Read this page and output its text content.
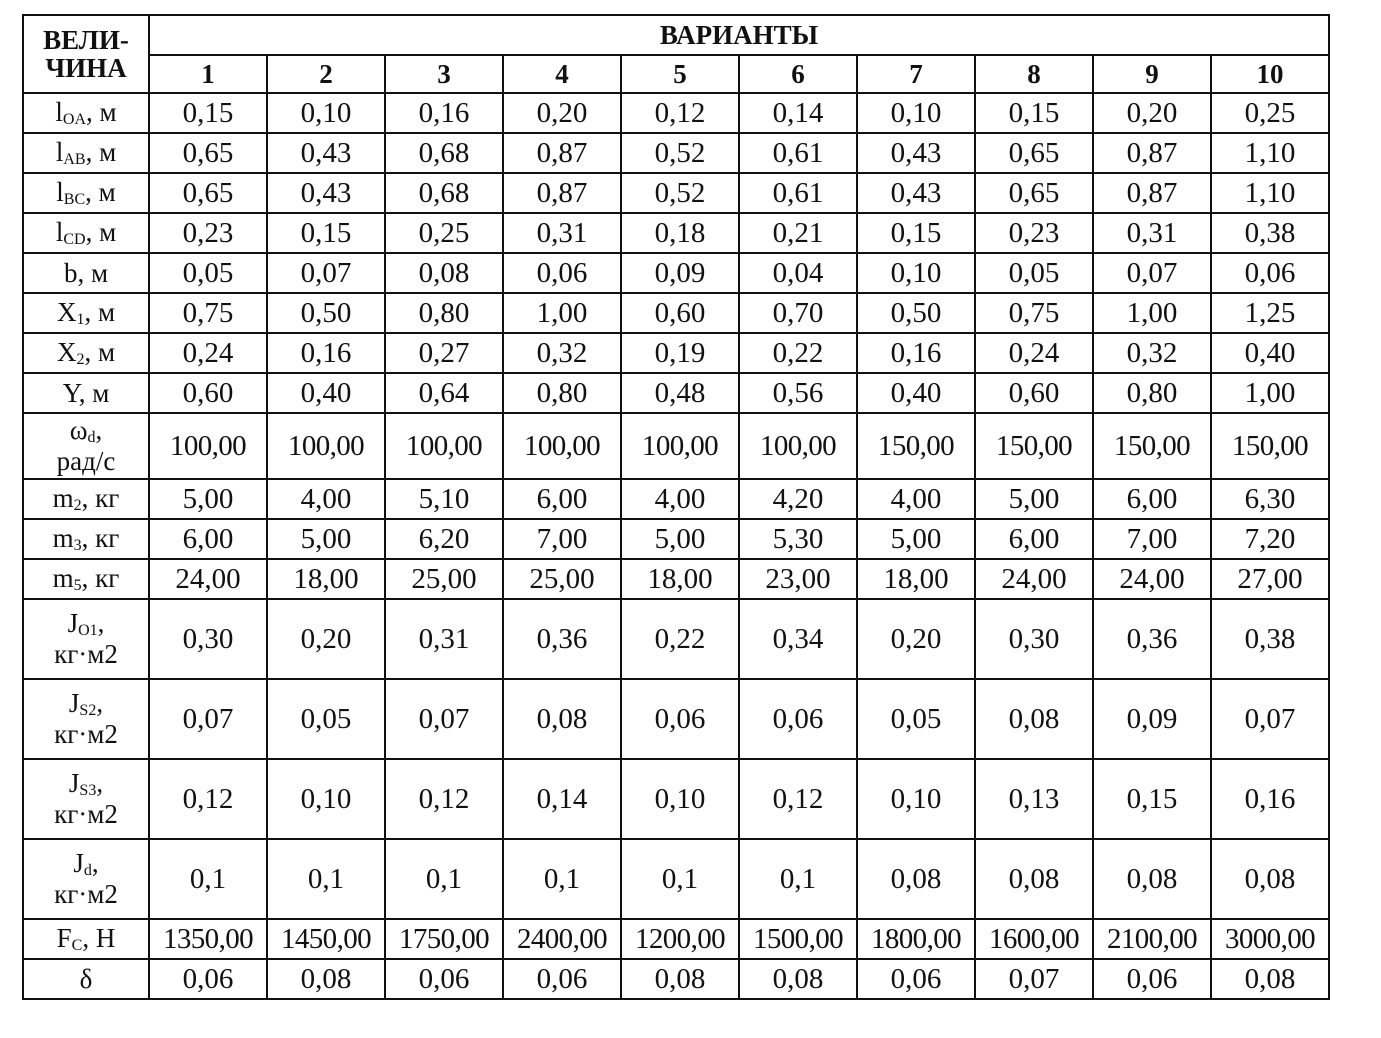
ВЕЛИ-
ЧИНА	ВАРИАНТЫ									
	1	2	3	4	5	6	7	8	9	10

$l_{OA}$, м	0,15	0,10	0,16	0,20	0,12	0,14	0,10	0,15	0,20	0,25

$l_{AB}$, м	0,65	0,43	0,68	0,87	0,52	0,61	0,43	0,65	0,87	1,10

$l_{BC}$, м	0,65	0,43	0,68	0,87	0,52	0,61	0,43	0,65	0,87	1,10

$l_{CD}$, м	0,23	0,15	0,25	0,31	0,18	0,21	0,15	0,23	0,31	0,38

b, м	0,05	0,07	0,08	0,06	0,09	0,04	0,10	0,05	0,07	0,06

$X_1$, м	0,75	0,50	0,80	1,00	0,60	0,70	0,50	0,75	1,00	1,25

$X_2$, м	0,24	0,16	0,27	0,32	0,19	0,22	0,16	0,24	0,32	0,40

Y, м	0,60	0,40	0,64	0,80	0,48	0,56	0,40	0,60	0,80	1,00

$\omega_d$,
рад/с	100,00	100,00	100,00	100,00	100,00	100,00	150,00	150,00	150,00	150,00

$m_2$, кг	5,00	4,00	5,10	6,00	4,00	4,20	4,00	5,00	6,00	6,30

$m_3$, кг	6,00	5,00	6,20	7,00	5,00	5,30	5,00	6,00	7,00	7,20

$m_5$, кг	24,00	18,00	25,00	25,00	18,00	23,00	18,00	24,00	24,00	27,00

$J_{O1}$,
кг·м2	0,30	0,20	0,31	0,36	0,22	0,34	0,20	0,30	0,36	0,38

$J_{S2}$,
кг·м2	0,07	0,05	0,07	0,08	0,06	0,06	0,05	0,08	0,09	0,07

$J_{S3}$,
кг·м2	0,12	0,10	0,12	0,14	0,10	0,12	0,10	0,13	0,15	0,16

$J_d$,
кг·м2	0,1	0,1	0,1	0,1	0,1	0,1	0,08	0,08	0,08	0,08

$F_C$, Н	1350,00	1450,00	1750,00	2400,00	1200,00	1500,00	1800,00	1600,00	2100,00	3000,00

δ	0,06	0,08	0,06	0,06	0,08	0,08	0,06	0,07	0,06	0,08
